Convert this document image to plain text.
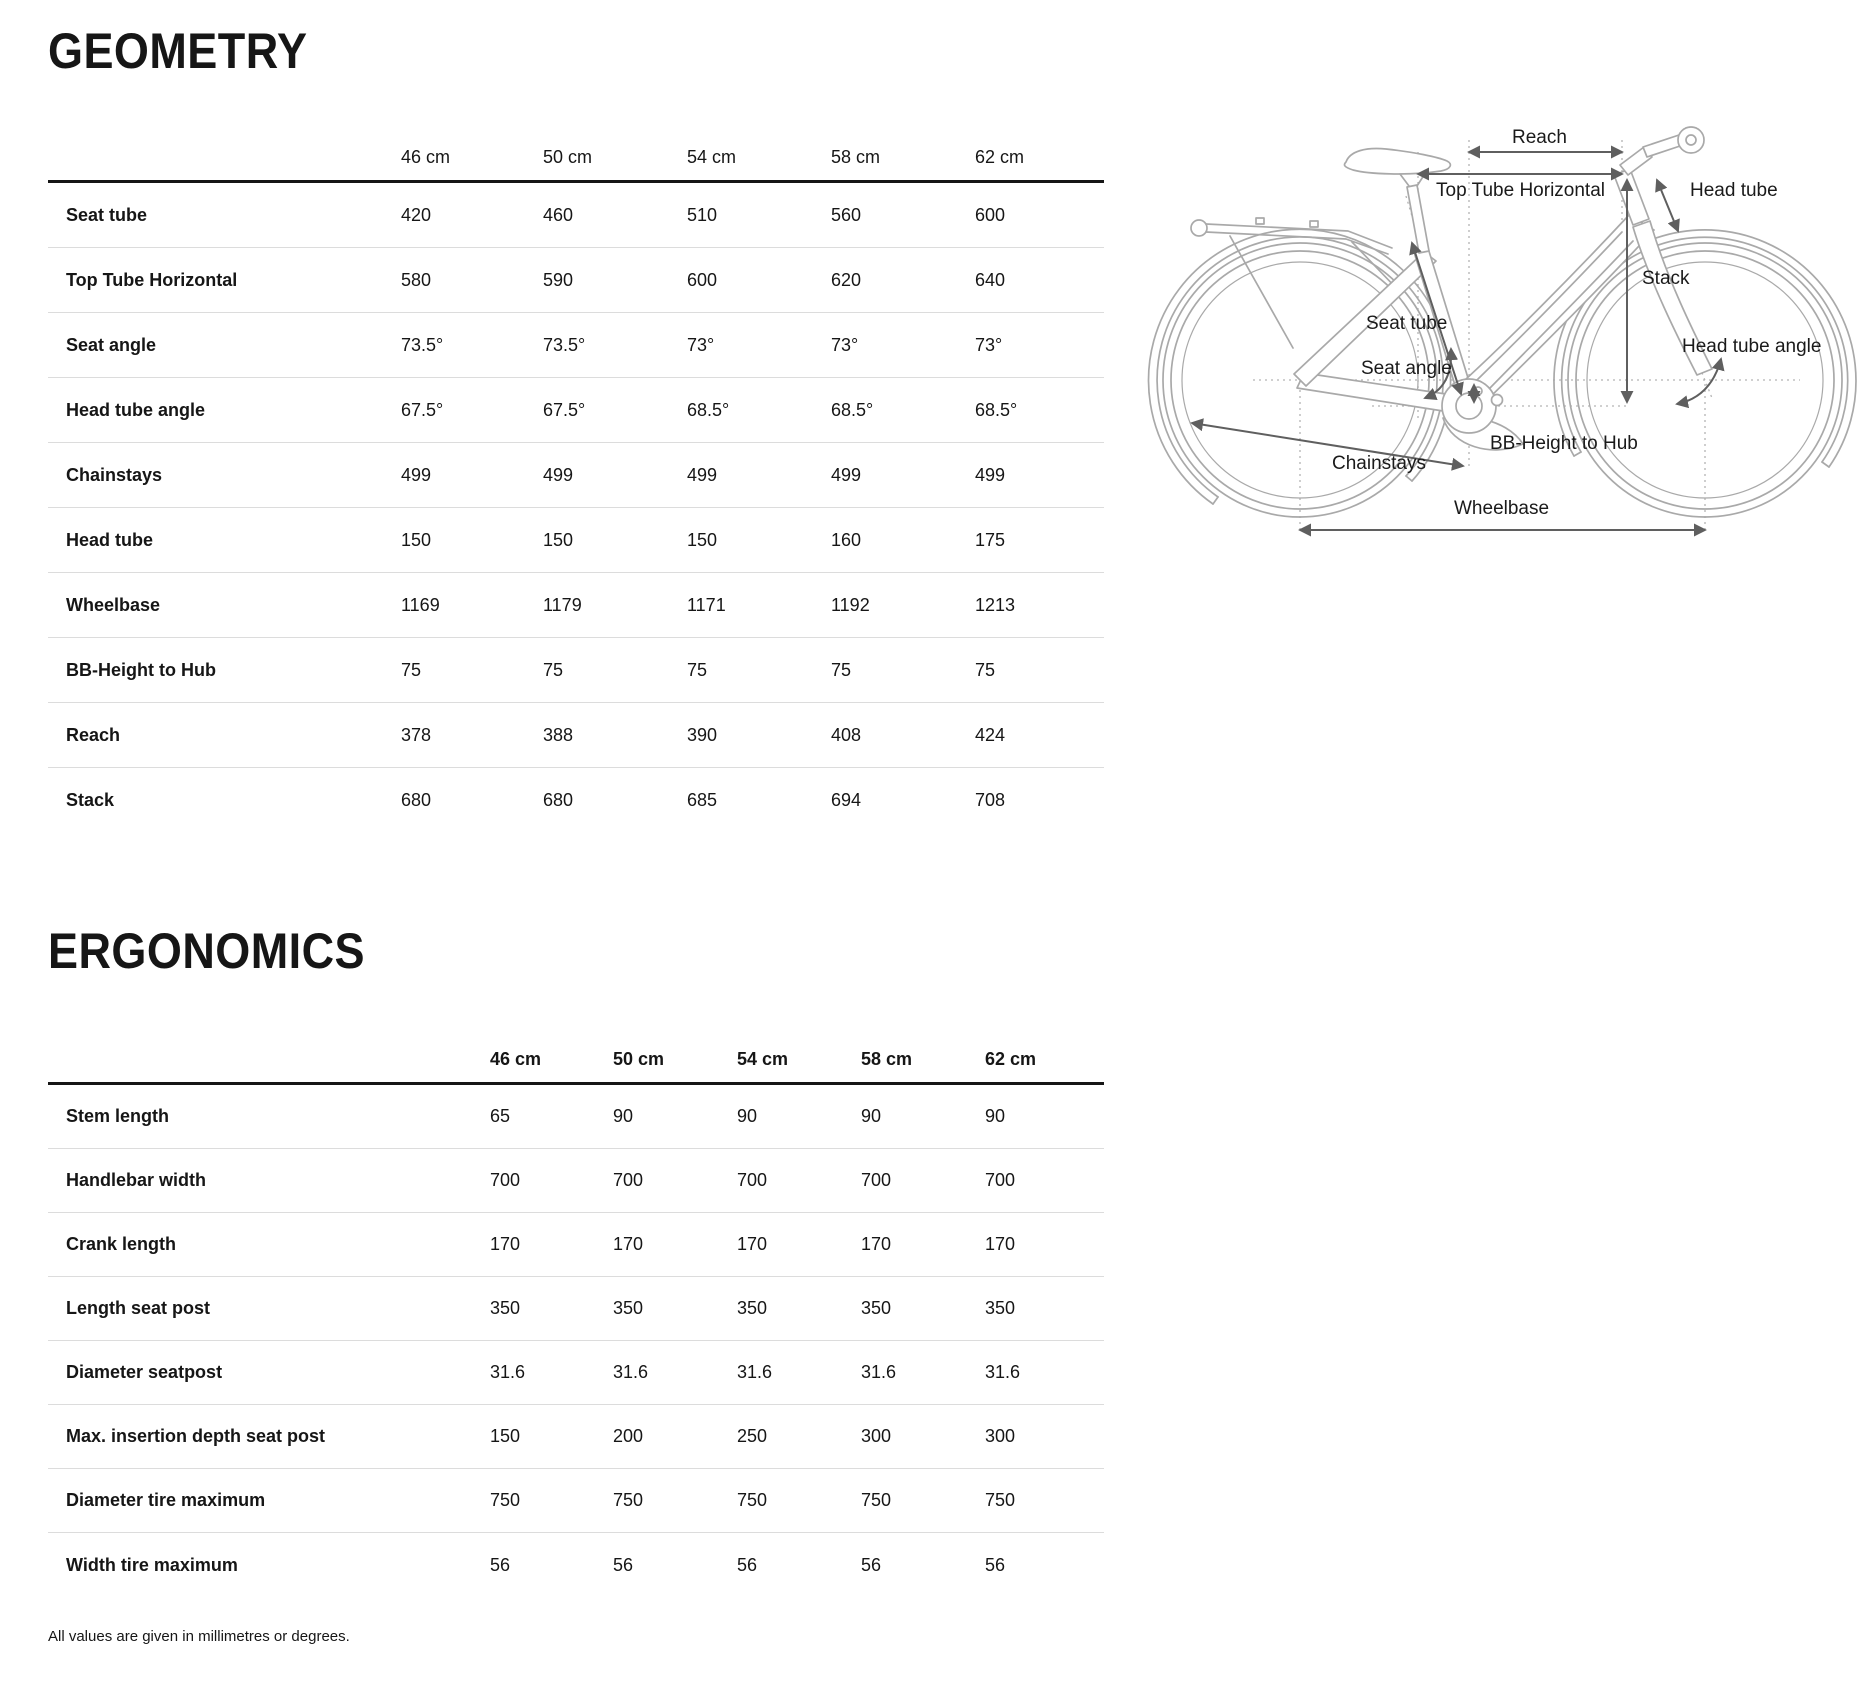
GEOMETRY
46 cm	50 cm	54 cm	58 cm	62 cm
Seat tube	420	460	510	560	600
Top Tube Horizontal	580	590	600	620	640
Seat angle	73.5°	73.5°	73°	73°	73°
Head tube angle	67.5°	67.5°	68.5°	68.5°	68.5°
Chainstays	499	499	499	499	499
Head tube	150	150	150	160	175
Wheelbase	1169	1179	1171	1192	1213
BB-Height to Hub	75	75	75	75	75
Reach	378	388	390	408	424
Stack	680	680	685	694	708
ERGONOMICS
46 cm	50 cm	54 cm	58 cm	62 cm
Stem length	65	90	90	90	90
Handlebar width	700	700	700	700	700
Crank length	170	170	170	170	170
Length seat post	350	350	350	350	350
Diameter seatpost	31.6	31.6	31.6	31.6	31.6
Max. insertion depth seat post	150	200	250	300	300
Diameter tire maximum	750	750	750	750	750
Width tire maximum	56	56	56	56	56
All values are given in millimetres or degrees.
Reach
Top Tube Horizontal	Head tube
Stack
Seat tube
Seat angle
Head tube angle
BB-Height to Hub
Chainstays
Wheelbase
